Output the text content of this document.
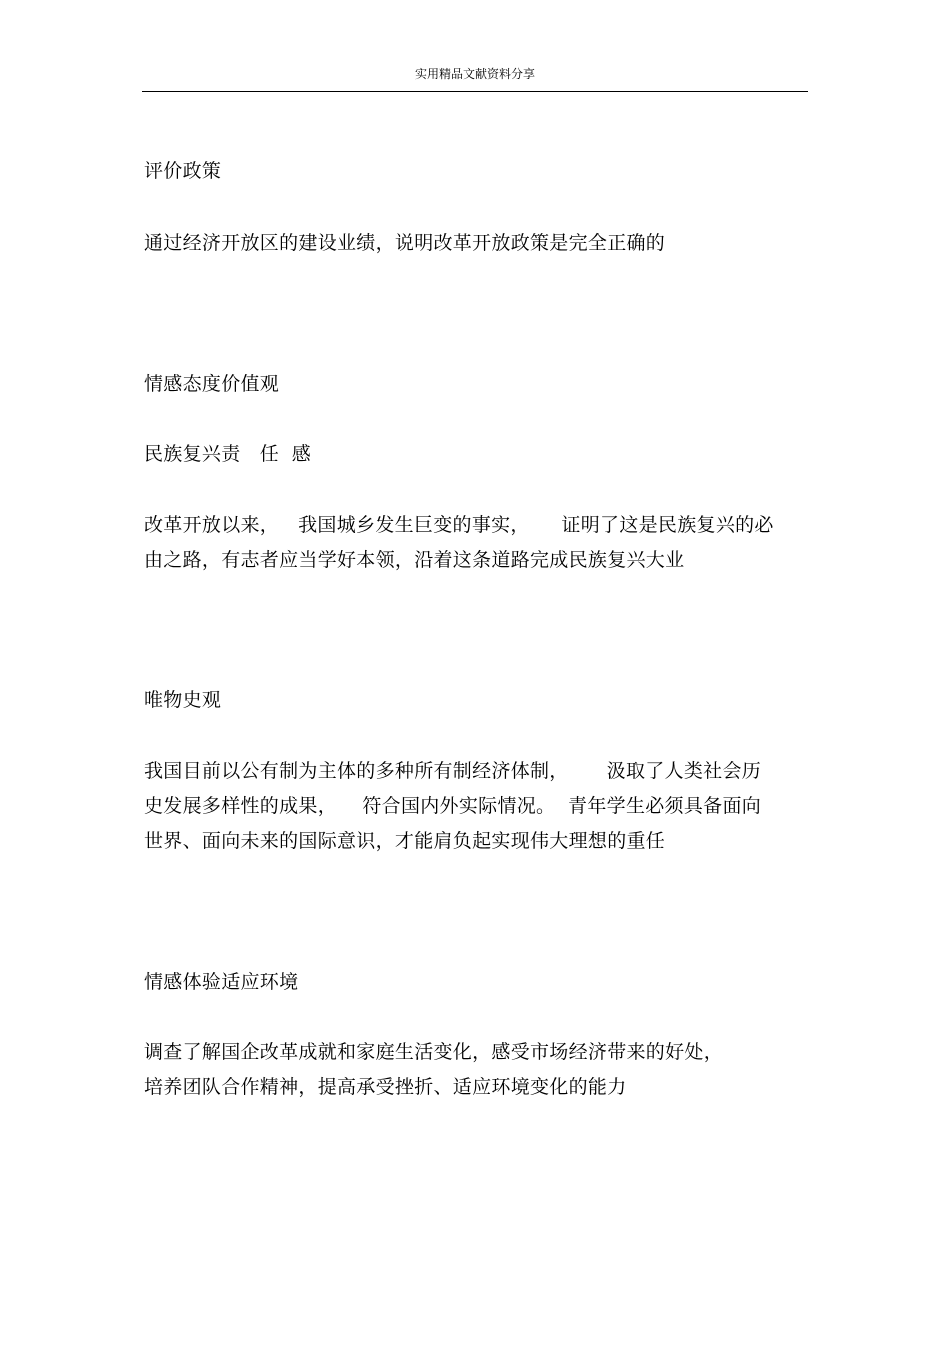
实用精品文献资料分享
评价政策
通过经济开放区的建设业绩，说明改革开放政策是完全正确的
情感态度价值观
民族复兴责　任  感
改革开放以来，   我国城乡发生巨变的事实，     证明了这是民族复兴的必
由之路，有志者应当学好本领，沿着这条道路完成民族复兴大业
唯物史观
我国目前以公有制为主体的多种所有制经济体制，      汲取了人类社会历
史发展多样性的成果，    符合国内外实际情况。  青年学生必须具备面向
世界、面向未来的国际意识，才能肩负起实现伟大理想的重任
情感体验适应环境
调查了解国企改革成就和家庭生活变化，感受市场经济带来的好处，
培养团队合作精神，提高承受挫折、适应环境变化的能力
